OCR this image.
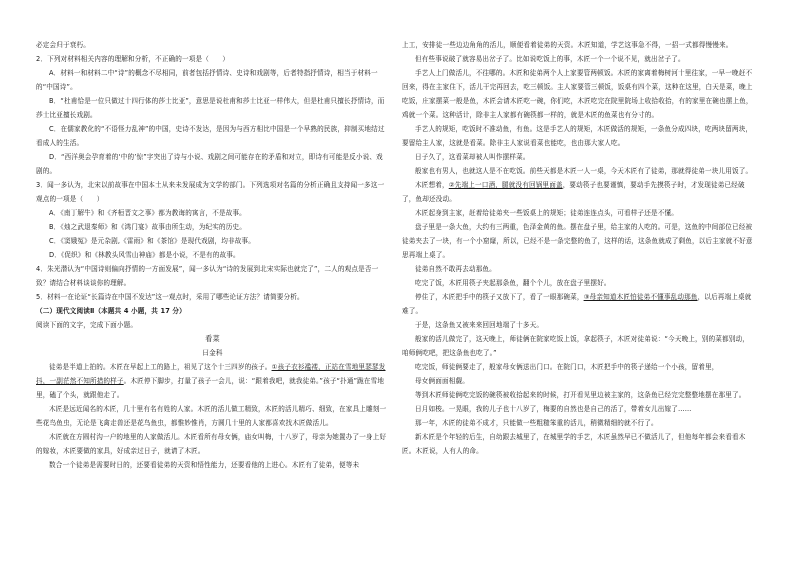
必定会归于衰朽。

2．下列对材料相关内容的理解和分析，不正确的一项是（　　）

A．材料一和材料二中“诗”的概念不尽相同，前者包括抒情诗、史诗和戏剧等，后者特指抒情诗，相当于材料一的“中国诗”。

B．“杜甫恰是一位只做过十四行体的莎士比亚”，意思是说杜甫和莎士比亚一样伟大，但是杜甫只擅长抒情诗，而莎士比亚擅长戏剧。

C．在儒家教化的“不语怪力乱神”的中国，史诗不发达，是因为与西方相比中国是一个早熟的民族，抑制买地结过看成人的生活。

D．“西洋奥会孕育着的‘中的’惊”字突出了诗与小说、戏剧之间可能存在的矛盾和对立，即诗有可能是反小说、戏剧的。

3．闻一多认为，北宋以前故事在中国本土从来未发展成为文学的部门。下列选项对名篇的分析正确且支持闻一多这一观点的一项是（　　）

A．《南丁解牛》和《齐桓晋文之事》都为教诲的寓言，不是故事。

B．《烛之武退秦师》和《鸿门宴》故事由所生动，为纪实的历史。

C．《窦娥冤》是元杂剧,《雷雨》和《茶馆》是现代戏剧，均非故事。

D．《促织》和《林教头风雪山神庙》都是小说，不是有的故事。

4．朱光潜认为“中国诗则偏向抒情的一方面发展”，闻一多认为“诗的发展到北宋实际也就完了”，二人的观点是否一致？请结合材料谈谈你的理解。

5．材料一在论证“长篇诗在中国不发达”这一观点时，采用了哪些论证方法？请简要分析。

（二）现代文阅读Ⅱ（本题共 4 小题，共 17 分）

阅读下面的文字，完成下面小题。

看菜

曰金科

徒弟是半道上拍的。木匠在早起上工的路上，祖见了这个十三四岁的孩子。①孩子衣衫褴褛，正站在雪地里瑟瑟发抖，一副茫然不知所措的样子。木匠停下脚步，打量了孩子一会儿，说：“跟着我吧，就我徒弟。”孩子“扑通”跪在雪地里，磕了个头，就跟他走了。

木匠是远近闻名的木匠，几十里有名有姓的人家。木匠的活儿做工精致，木匠的活儿精巧、细致，在家具上雕刻一些花鸟鱼虫，无论是飞禽走兽还是花鸟鱼虫，都惟妙惟肖，方圆几十里的人家都喜欢找木匠做活儿。

木匠就在方圆村沟一户的地里的人家做活儿。木匠看所有母女俩，庙女叫梅，十八岁了，母亲为她置办了一身上好的嫁妆，木匠要做的家具，好成亲过日子，就请了木匠。

数合一个徒弟是需要时日的，还要看徒弟的天资和悟性能力，还要看他的上进心。木匠有了徒弟，便等未

上工，安排徒一些边边角角的活儿，顺便看着徒弟的天资。木匠知道，学艺这事急不得，一招一式都得慢慢来。

但有些事说破了就容易出岔子了。比如说吃饭上的事，木匠一个一个说不见，就出岔子了。

手艺人上门做活儿，不往哪的。木匠和徒弟两个人上家要管两顿饭。木匠的家离着梅树河十里往家，一早一晚赶不回来，得在主家住下，活儿干完再回去，吃三顿饭。主人家要管三顿饭，饭桌有四个菜，这种在这里，白天是菜，晚上吃饭，庄家摆菜一般是鱼，木匠会请木匠吃一碗，你们吃，木匠吃完在院里院场上收拾收拾，有的家里在碗也摆上鱼，鸡就一个菜。这种活计，除非主人家都有碗筷都一样的，就是木匠的鱼菜也有分寸的。

手艺人的规矩，吃饭时不准动鱼，有鱼。这是手艺人的规矩，木匠做活的规矩，一条鱼分成四块，吃两块留两块，要留给主人家，这就是看菜。除非主人家说看菜也能吃，也由那大家人吃。

日子久了，这看菜却被人叫作摆样菜。

般家也有男人，也就这人是不在吃饭。前些天都是木匠一人一桌，今天木匠有了徒弟，那就得徒弟一块儿用饭了。

木匠想着，②先端上一口酒，腿就没有回锅里面盖，要动筷子也要谨慎，要动手先摸筷子时，才发现徒弟已经破了，鱼却还没动。

木匠起身到主家，赶着给徒弟夹一些饭桌上的规矩；徒弟连连点头，可看样子还是不懂。

盘子里是一条大鱼，大约有三两重，色泽金黄的鱼。摆在盘子里，给主家的人吃的。可是，这鱼的中间部位已经被徒弟夹去了一块，有一个小窟窿，所以，已经不是一条完整的鱼了，这样的话，这条鱼就成了剩鱼，以后主家就不好意思再端上桌了。

徒弟自然不敢再去动那鱼。

吃完了饭，木匠用筷子夹起那条鱼，翻个个儿，放在盘子里摆好。

停住了，木匠把手中的筷子又放下了，看了一眼那碗菜，③母亲知道木匠怕徒弟不懂事乱动那鱼，以后再端上桌就难了。

于是，这条鱼又被来来回回地端了十多天。

般家的活儿做完了，这天晚上，师徒俩在院家吃饭上饭，拿起筷子，木匠对徒弟说：“今天晚上，别的菜都别动，咱师俩吃吧，把这条鱼也吃了。”

吃完饭，师徒俩要走了，般家母女俩送出门口。在院门口，木匠把手中的筷子递给一个小孩，留着里，

母女俩面面相觑。

等到木匠师徒俩吃完饭的碗筷被收拾起来的时候，打开看见里边被主家的，这条鱼已经完完整整地摆在那里了。

日月如梭。一晃眼，我的儿子也十八岁了，梅要的自然也是自己的活了，带着女儿出嫁了……

那一年，木匠的徒弟不成才，只能做一些粗糙笨重的活儿，稍微精细的就不行了。

新木匠是个年轻的后生，自幼跟去城里了，在城里学的手艺，木匠虽然早已不做活儿了，但他每年都会来看看木匠。木匠说，人有人的命。
